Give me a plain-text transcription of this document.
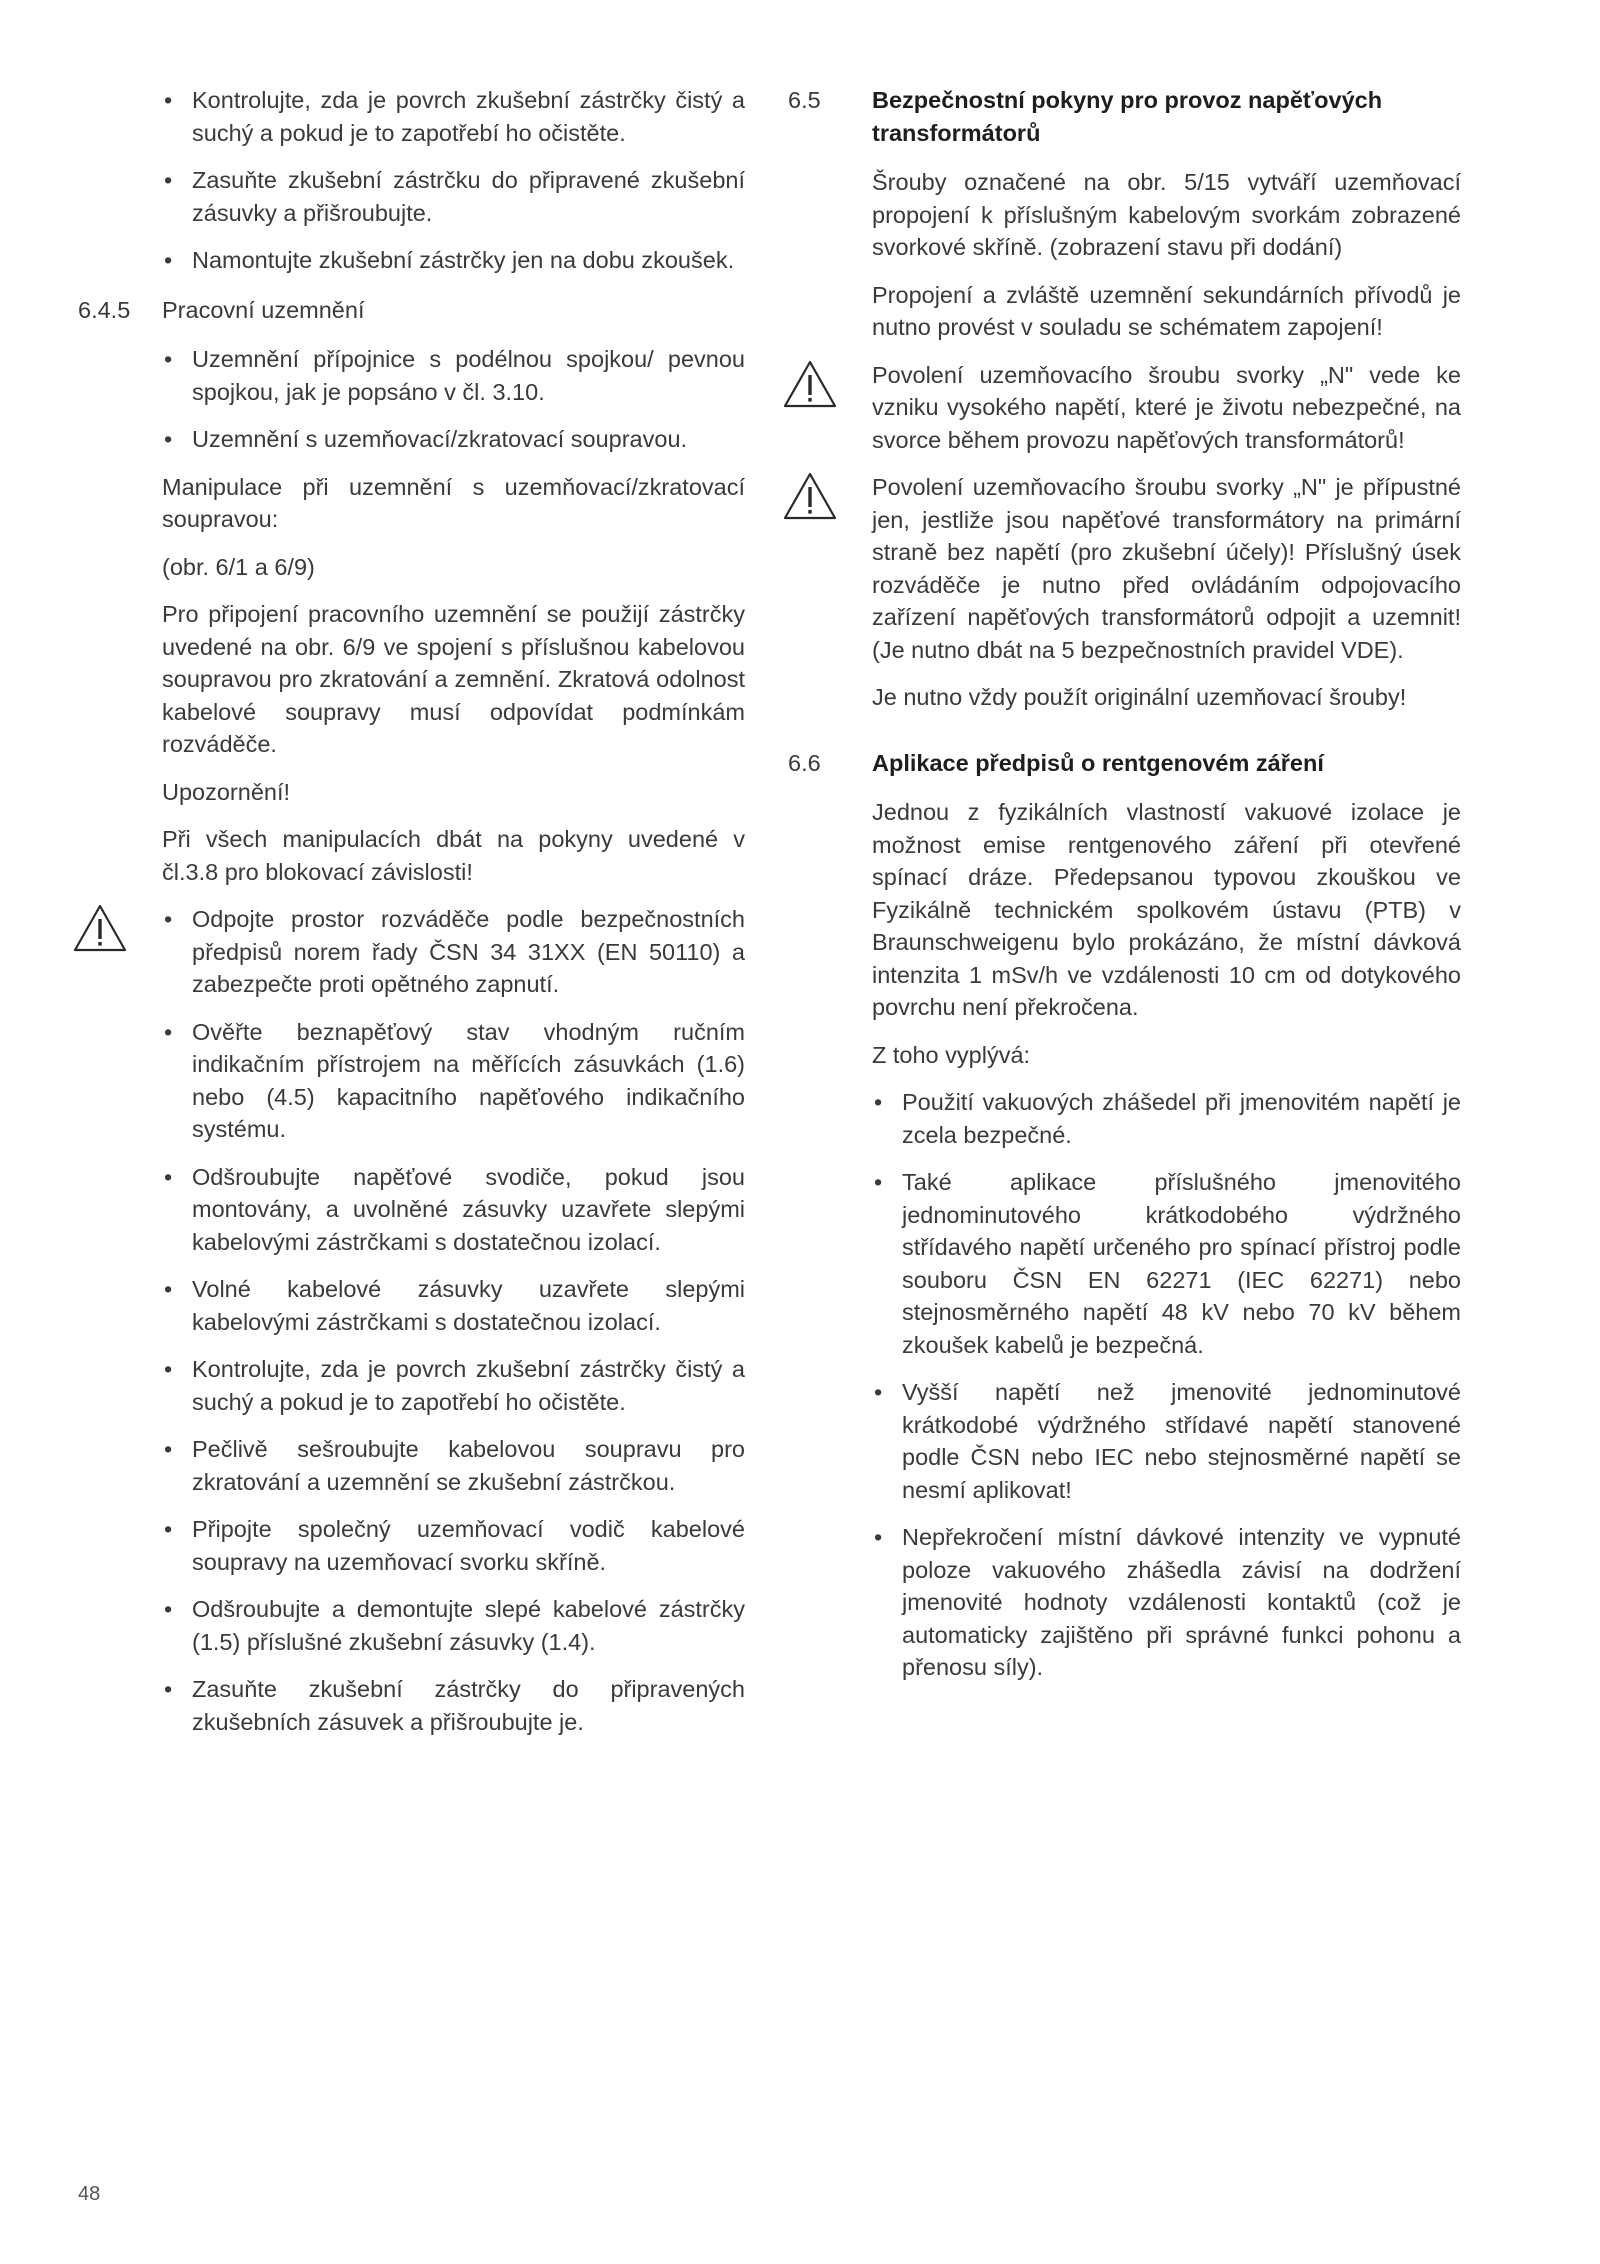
• Kontrolujte, zda je povrch zkušební zástrčky čistý a suchý a pokud je to zapotřebí ho očistěte.
• Zasuňte zkušební zástrčku do připravené zkušební zásuvky a přišroubujte.
• Namontujte zkušební zástrčky jen na dobu zkoušek.
6.4.5 Pracovní uzemnění
• Uzemnění přípojnice s podélnou spojkou/ pevnou spojkou, jak je popsáno v čl. 3.10.
• Uzemnění s uzemňovací/zkratovací soupravou.

Manipulace při uzemnění s uzemňovací/zkratovací soupravou:

(obr. 6/1 a 6/9)

Pro připojení pracovního uzemnění se použijí zástrčky uvedené na obr. 6/9 ve spojení s příslušnou kabelovou soupravou pro zkratování a zemnění. Zkratová odolnost kabelové soupravy musí odpovídat podmínkám rozváděče.

Upozornění!

Při všech manipulacích dbát na pokyny uvedené v čl.3.8 pro blokovací závislosti!

• Odpojte prostor rozváděče podle bezpečnostních předpisů norem řady ČSN 34 31XX (EN 50110) a zabezpečte proti opětného zapnutí.
• Ověřte beznapěťový stav vhodným ručním indikačním přístrojem na měřících zásuvkách (1.6) nebo (4.5) kapacitního napěťového indikačního systému.
• Odšroubujte napěťové svodiče, pokud jsou montovány, a uvolněné zásuvky uzavřete slepými kabelovými zástrčkami s dostatečnou izolací.
• Volné kabelové zásuvky uzavřete slepými kabelovými zástrčkami s dostatečnou izolací.
• Kontrolujte, zda je povrch zkušební zástrčky čistý a suchý a pokud je to zapotřebí ho očistěte.
• Pečlivě sešroubujte kabelovou soupravu pro zkratování a uzemnění se zkušební zástrčkou.
• Připojte společný uzemňovací vodič kabelové soupravy na uzemňovací svorku skříně.
• Odšroubujte a demontujte slepé kabelové zástrčky (1.5) příslušné zkušební zásuvky (1.4).
• Zasuňte zkušební zástrčky do připravených zkušebních zásuvek a přišroubujte je.
6.5 Bezpečnostní pokyny pro provoz napěťových transformátorů

Šrouby označené na obr. 5/15 vytváří uzemňovací propojení k příslušným kabelovým svorkám zobrazené svorkové skříně. (zobrazení stavu při dodání)

Propojení a zvláště uzemnění sekundárních přívodů je nutno provést v souladu se schématem zapojení!

Povolení uzemňovacího šroubu svorky „N" vede ke vzniku vysokého napětí, které je životu nebezpečné, na svorce během provozu napěťových transformátorů!

Povolení uzemňovacího šroubu svorky „N" je přípustné jen, jestliže jsou napěťové transformátory na primární straně bez napětí (pro zkušební účely)! Příslušný úsek rozváděče je nutno před ovládáním odpojovacího zařízení napěťových transformátorů odpojit a uzemnit! (Je nutno dbát na 5 bezpečnostních pravidel VDE).

Je nutno vždy použít originální uzemňovací šrouby!

6.6 Aplikace předpisů o rentgenovém záření

Jednou z fyzikálních vlastností vakuové izolace je možnost emise rentgenového záření při otevřené spínací dráze. Předepsanou typovou zkouškou ve Fyzikálně technickém spolkovém ústavu (PTB) v Braunschweigenu bylo prokázáno, že místní dávková intenzita 1 mSv/h ve vzdálenosti 10 cm od dotykového povrchu není překročena.

Z toho vyplývá:

• Použití vakuových zhášedel při jmenovitém napětí je zcela bezpečné.
• Také aplikace příslušného jmenovitého jednominutového krátkodobého výdržného střídavého napětí určeného pro spínací přístroj podle souboru ČSN EN 62271 (IEC 62271) nebo stejnosměrného napětí 48 kV nebo 70 kV během zkoušek kabelů je bezpečná.
• Vyšší napětí než jmenovité jednominutové krátkodobé výdržného střídavé napětí stanovené podle ČSN nebo IEC nebo stejnosměrné napětí se nesmí aplikovat!
• Nepřekročení místní dávkové intenzity ve vypnuté poloze vakuového zhášedla závisí na dodržení jmenovité hodnoty vzdálenosti kontaktů (což je automaticky zajištěno při správné funkci pohonu a přenosu síly).
48
